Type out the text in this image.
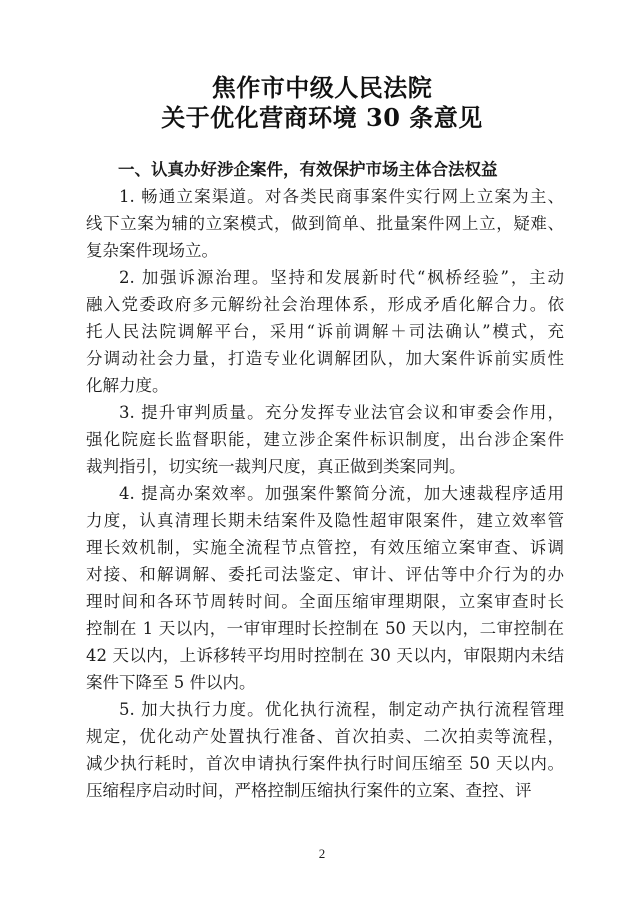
焦作市中级人民法院
关于优化营商环境 30 条意见
一、认真办好涉企案件，有效保护市场主体合法权益
1. 畅通立案渠道。对各类民商事案件实行网上立案为主、
线下立案为辅的立案模式，做到简单、批量案件网上立，疑难、
复杂案件现场立。
2. 加强诉源治理。坚持和发展新时代“枫桥经验”，主动
融入党委政府多元解纷社会治理体系，形成矛盾化解合力。依
托人民法院调解平台，采用“诉前调解＋司法确认”模式，充
分调动社会力量，打造专业化调解团队，加大案件诉前实质性
化解力度。
3. 提升审判质量。充分发挥专业法官会议和审委会作用，
强化院庭长监督职能，建立涉企案件标识制度，出台涉企案件
裁判指引，切实统一裁判尺度，真正做到类案同判。
4. 提高办案效率。加强案件繁简分流，加大速裁程序适用
力度，认真清理长期未结案件及隐性超审限案件，建立效率管
理长效机制，实施全流程节点管控，有效压缩立案审查、诉调
对接、和解调解、委托司法鉴定、审计、评估等中介行为的办
理时间和各环节周转时间。全面压缩审理期限，立案审查时长
控制在 1 天以内，一审审理时长控制在 50 天以内，二审控制在
42 天以内，上诉移转平均用时控制在 30 天以内，审限期内未结
案件下降至 5 件以内。
5. 加大执行力度。优化执行流程，制定动产执行流程管理
规定，优化动产处置执行准备、首次拍卖、二次拍卖等流程，
减少执行耗时，首次申请执行案件执行时间压缩至 50 天以内。
压缩程序启动时间，严格控制压缩执行案件的立案、查控、评
2
